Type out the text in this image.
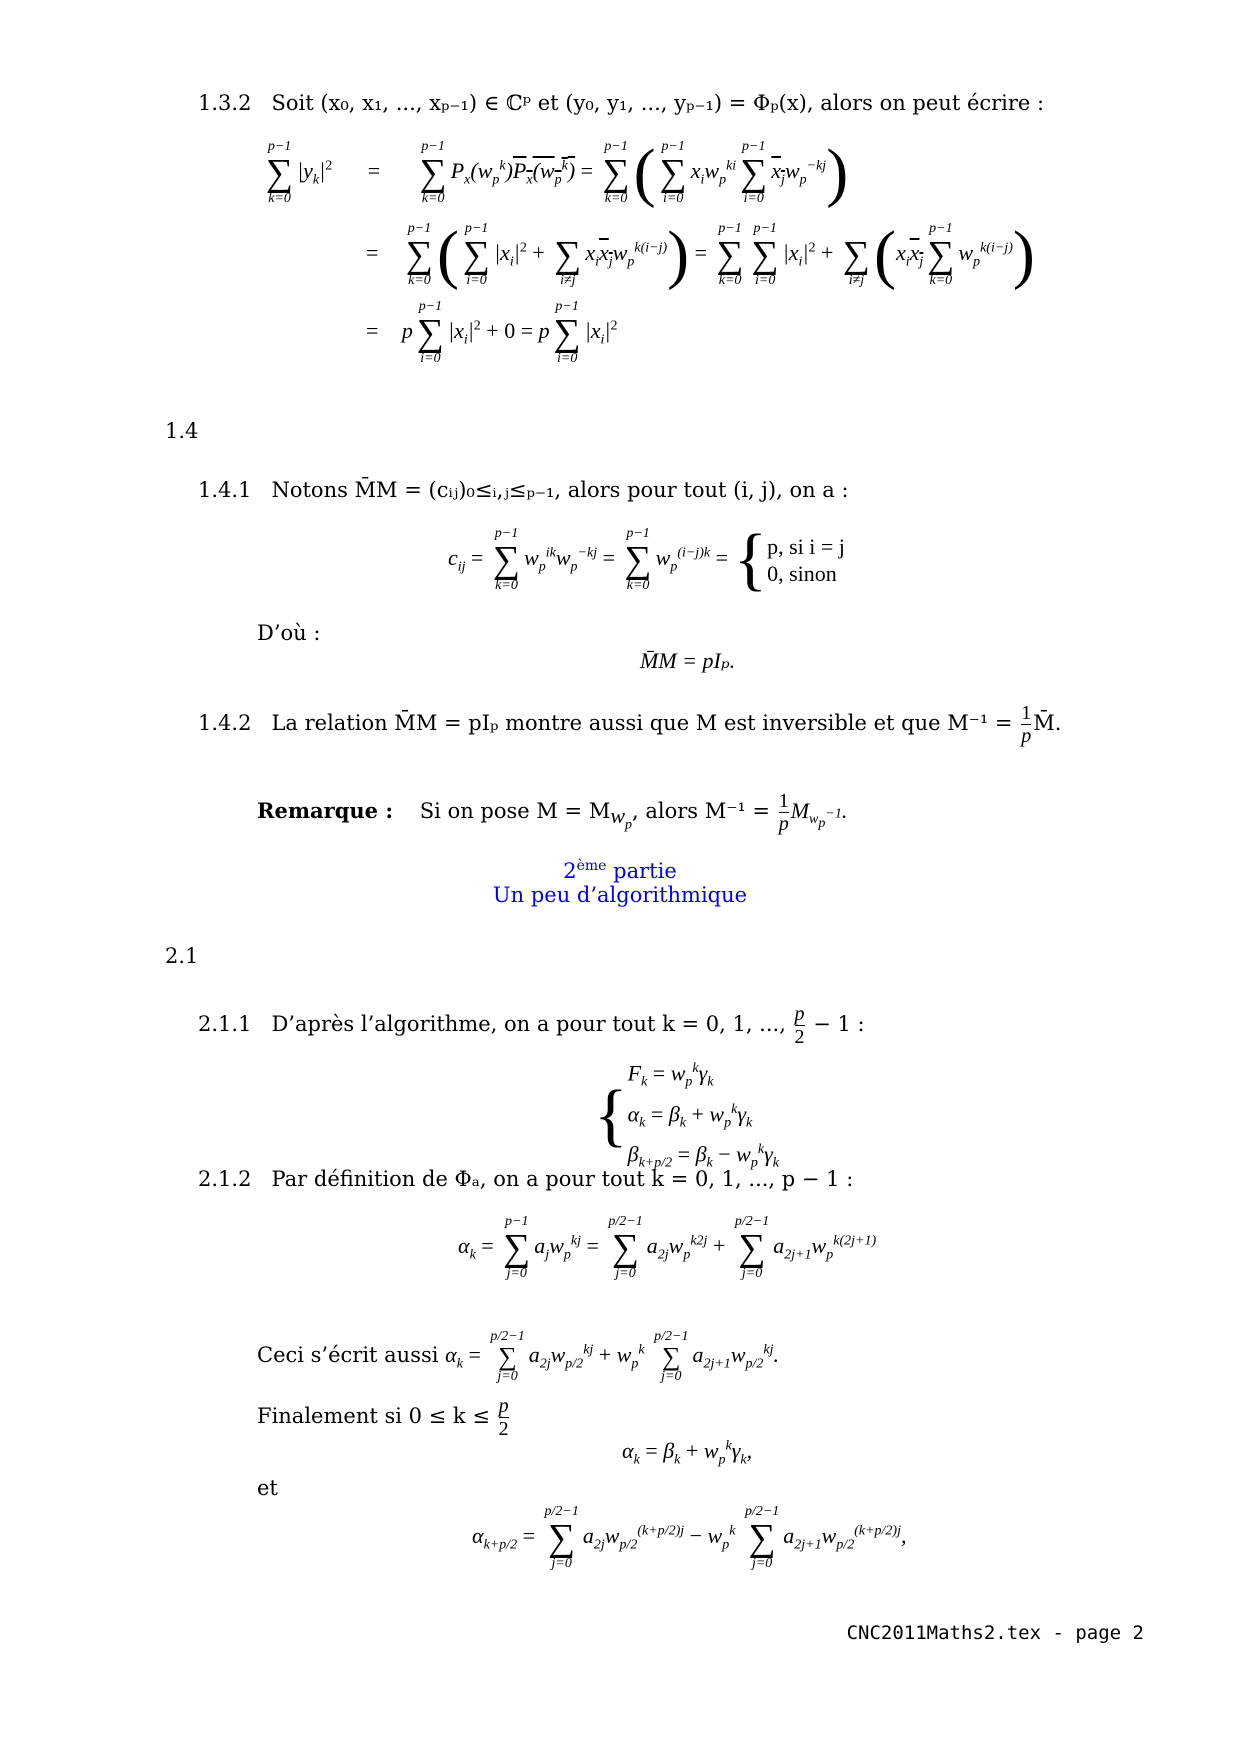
1.3.2 Soit (x₀, x₁, ..., xₚ₋₁) ∈ ℂᵖ et (y₀, y₁, ..., yₚ₋₁) = Φₚ(x), alors on peut écrire :
p−1
∑
k=0
$|y_k|^2$ =
p−1
∑
k=0
$P_x(w_p^k)P_x(w_p^k)$ =
p−1
∑
k=0 ( p−1
∑
i=0
$x_iw_p^{ki}$
p−1
∑
i=0
$x_jw_p^{-kj}$)
=
p−1
∑
k=0 ( p−1
∑
i=0
$|x_i|^2$ +
∑
i≠j
$x_ix_jw_p^{k(i-j)}$) =
p−1
∑
k=0
p−1
∑
i=0
$|x_i|^2$ +
∑
i≠j ($x_ix_j$
p−1
∑
k=0
$w_p^{k(i-j)}$)
= p
p−1
∑
i=0
$|x_i|^2 + 0 = p$
p−1
∑
i=0
$|x_i|^2$
1.4
1.4.1 Notons M̄M = (cᵢⱼ)₀≤ᵢ,ⱼ≤ₚ₋₁, alors pour tout (i, j), on a :
$c_{ij}$ =
p−1
∑
k=0
$w_p^{ik}w_p^{-kj}$ =
p−1
∑
k=0
$w_p^{(i-j)k}$ = { p, si i = j
0, sinon
D’où :
M̄M = pIₚ.
1.4.2 La relation M̄M = pIₚ montre aussi que M est inversible et que $M^{-1} = \frac{1}{p}$ M̄.
Remarque : Si on pose $M = M_{w_p}$, alors $M^{-1} = \frac{1}{p} M_{w_p^{-1}}$.
2ème partie
Un peu d’algorithmique
2.1
2.1.1 D’après l’algorithme, on a pour tout k = 0, 1, ..., $\frac{p}{2} - 1$ :
{
$F_k = w_p^k\gamma_k$
$\alpha_k = \beta_k + w_p^k\gamma_k$
$\beta_{k+p/2} = \beta_k - w_p^k\gamma_k$
2.1.2 Par définition de Φₐ, on a pour tout k = 0, 1, ..., p − 1 :
$\alpha_k$ =
p−1
∑
j=0
$a_jw_p^{kj}$ =
p/2−1
∑
j=0
$a_{2j}w_p^{k2j}$ +
p/2−1
∑
j=0
$a_{2j+1}w_p^{k(2j+1)}$
Ceci s’écrit aussi $\alpha_k$ =
p/2−1
∑
j=0
$a_{2j}w_{p/2}^{kj} + w_p^k$
p/2−1
∑
j=0
$a_{2j+1}w_{p/2}^{kj}$.
Finalement si $0 \le k \le \frac{p}{2}$
$\alpha_k = \beta_k + w_p^k\gamma_k$,
et
$\alpha_{k+p/2}$ =
p/2−1
∑
j=0
$a_{2j}w_{p/2}^{(k+p/2)j} - w_p^k$
p/2−1
∑
j=0
$a_{2j+1}w_{p/2}^{(k+p/2)j}$,
CNC2011Maths2.tex - page 2
